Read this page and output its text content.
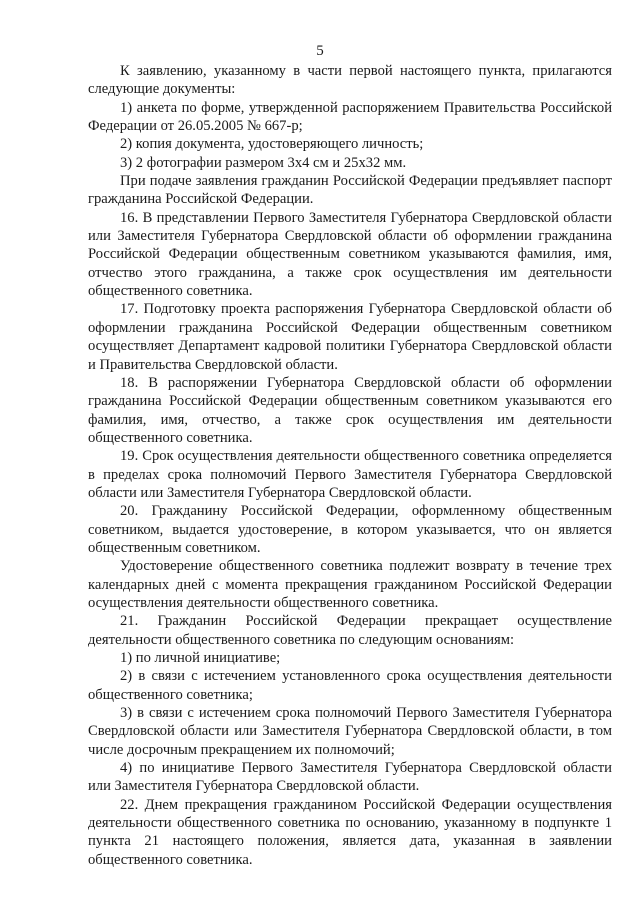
5

К заявлению, указанному в части первой настоящего пункта, прилагаются следующие документы:

1) анкета по форме, утвержденной распоряжением Правительства Российской Федерации от 26.05.2005 № 667-р;

2) копия документа, удостоверяющего личность;

3) 2 фотографии размером 3x4 см и 25x32 мм.

При подаче заявления гражданин Российской Федерации предъявляет паспорт гражданина Российской Федерации.

16. В представлении Первого Заместителя Губернатора Свердловской области или Заместителя Губернатора Свердловской области об оформлении гражданина Российской Федерации общественным советником указываются фамилия, имя, отчество этого гражданина, а также срок осуществления им деятельности общественного советника.

17. Подготовку проекта распоряжения Губернатора Свердловской области об оформлении гражданина Российской Федерации общественным советником осуществляет Департамент кадровой политики Губернатора Свердловской области и Правительства Свердловской области.

18. В распоряжении Губернатора Свердловской области об оформлении гражданина Российской Федерации общественным советником указываются его фамилия, имя, отчество, а также срок осуществления им деятельности общественного советника.

19. Срок осуществления деятельности общественного советника определяется в пределах срока полномочий Первого Заместителя Губернатора Свердловской области или Заместителя Губернатора Свердловской области.

20. Гражданину Российской Федерации, оформленному общественным советником, выдается удостоверение, в котором указывается, что он является общественным советником.

Удостоверение общественного советника подлежит возврату в течение трех календарных дней с момента прекращения гражданином Российской Федерации осуществления деятельности общественного советника.

21. Гражданин Российской Федерации прекращает осуществление деятельности общественного советника по следующим основаниям:

1) по личной инициативе;

2) в связи с истечением установленного срока осуществления деятельности общественного советника;

3) в связи с истечением срока полномочий Первого Заместителя Губернатора Свердловской области или Заместителя Губернатора Свердловской области, в том числе досрочным прекращением их полномочий;

4) по инициативе Первого Заместителя Губернатора Свердловской области или Заместителя Губернатора Свердловской области.

22. Днем прекращения гражданином Российской Федерации осуществления деятельности общественного советника по основанию, указанному в подпункте 1 пункта 21 настоящего положения, является дата, указанная в заявлении общественного советника.
